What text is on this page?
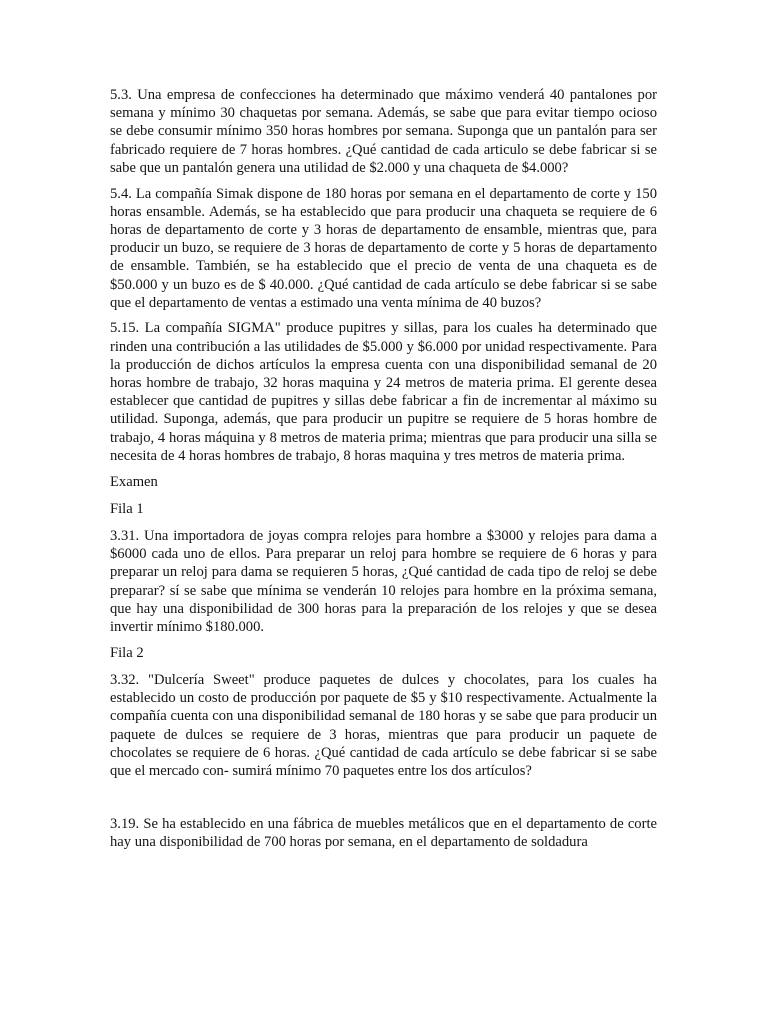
5.3. Una empresa de confecciones ha determinado que máximo venderá 40 pantalones por semana y mínimo 30 chaquetas por semana. Además, se sabe que para evitar tiempo ocioso se debe consumir mínimo 350 horas hombres por semana. Suponga que un pantalón para ser fabricado requiere de 7 horas hombres. ¿Qué cantidad de cada articulo se debe fabricar si se sabe que un pantalón genera una utilidad de $2.000 y una chaqueta de $4.000?

5.4. La compañía Simak dispone de 180 horas por semana en el departamento de corte y 150 horas ensamble. Además, se ha establecido que para producir una chaqueta se requiere de 6 horas de departamento de corte y 3 horas de departamento de ensamble, mientras que, para producir un buzo, se requiere de 3 horas de departamento de corte y 5 horas de departamento de ensamble. También, se ha establecido que el precio de venta de una chaqueta es de $50.000 y un buzo es de $ 40.000. ¿Qué cantidad de cada artículo se debe fabricar si se sabe que el departamento de ventas a estimado una venta mínima de 40 buzos?

5.15. La compañía SIGMA" produce pupitres y sillas, para los cuales ha determinado que rinden una contribución a las utilidades de $5.000 y $6.000 por unidad respectivamente. Para la producción de dichos artículos la empresa cuenta con una disponibilidad semanal de 20 horas hombre de trabajo, 32 horas maquina y 24 metros de materia prima. El gerente desea establecer que cantidad de pupitres y sillas debe fabricar a fin de incrementar al máximo su utilidad. Suponga, además, que para producir un pupitre se requiere de 5 horas hombre de trabajo, 4 horas máquina y 8 metros de materia prima; mientras que para producir una silla se necesita de 4 horas hombres de trabajo, 8 horas maquina y tres metros de materia prima.

Examen

Fila 1

3.31. Una importadora de joyas compra relojes para hombre a $3000 y relojes para dama a $6000 cada uno de ellos. Para preparar un reloj para hombre se requiere de 6 horas y para preparar un reloj para dama se requieren 5 horas, ¿Qué cantidad de cada tipo de reloj se debe preparar? sí se sabe que mínima se venderán 10 relojes para hombre en la próxima semana, que hay una disponibilidad de 300 horas para la preparación de los relojes y que se desea invertir mínimo $180.000.

Fila 2

3.32. "Dulcería Sweet" produce paquetes de dulces y chocolates, para los cuales ha establecido un costo de producción por paquete de $5 y $10 respectivamente. Actualmente la compañía cuenta con una disponibilidad semanal de 180 horas y se sabe que para producir un paquete de dulces se requiere de 3 horas, mientras que para producir un paquete de chocolates se requiere de 6 horas. ¿Qué cantidad de cada artículo se debe fabricar si se sabe que el mercado con- sumirá mínimo 70 paquetes entre los dos artículos?

3.19. Se ha establecido en una fábrica de muebles metálicos que en el departamento de corte hay una disponibilidad de 700 horas por semana, en el departamento de soldadura
